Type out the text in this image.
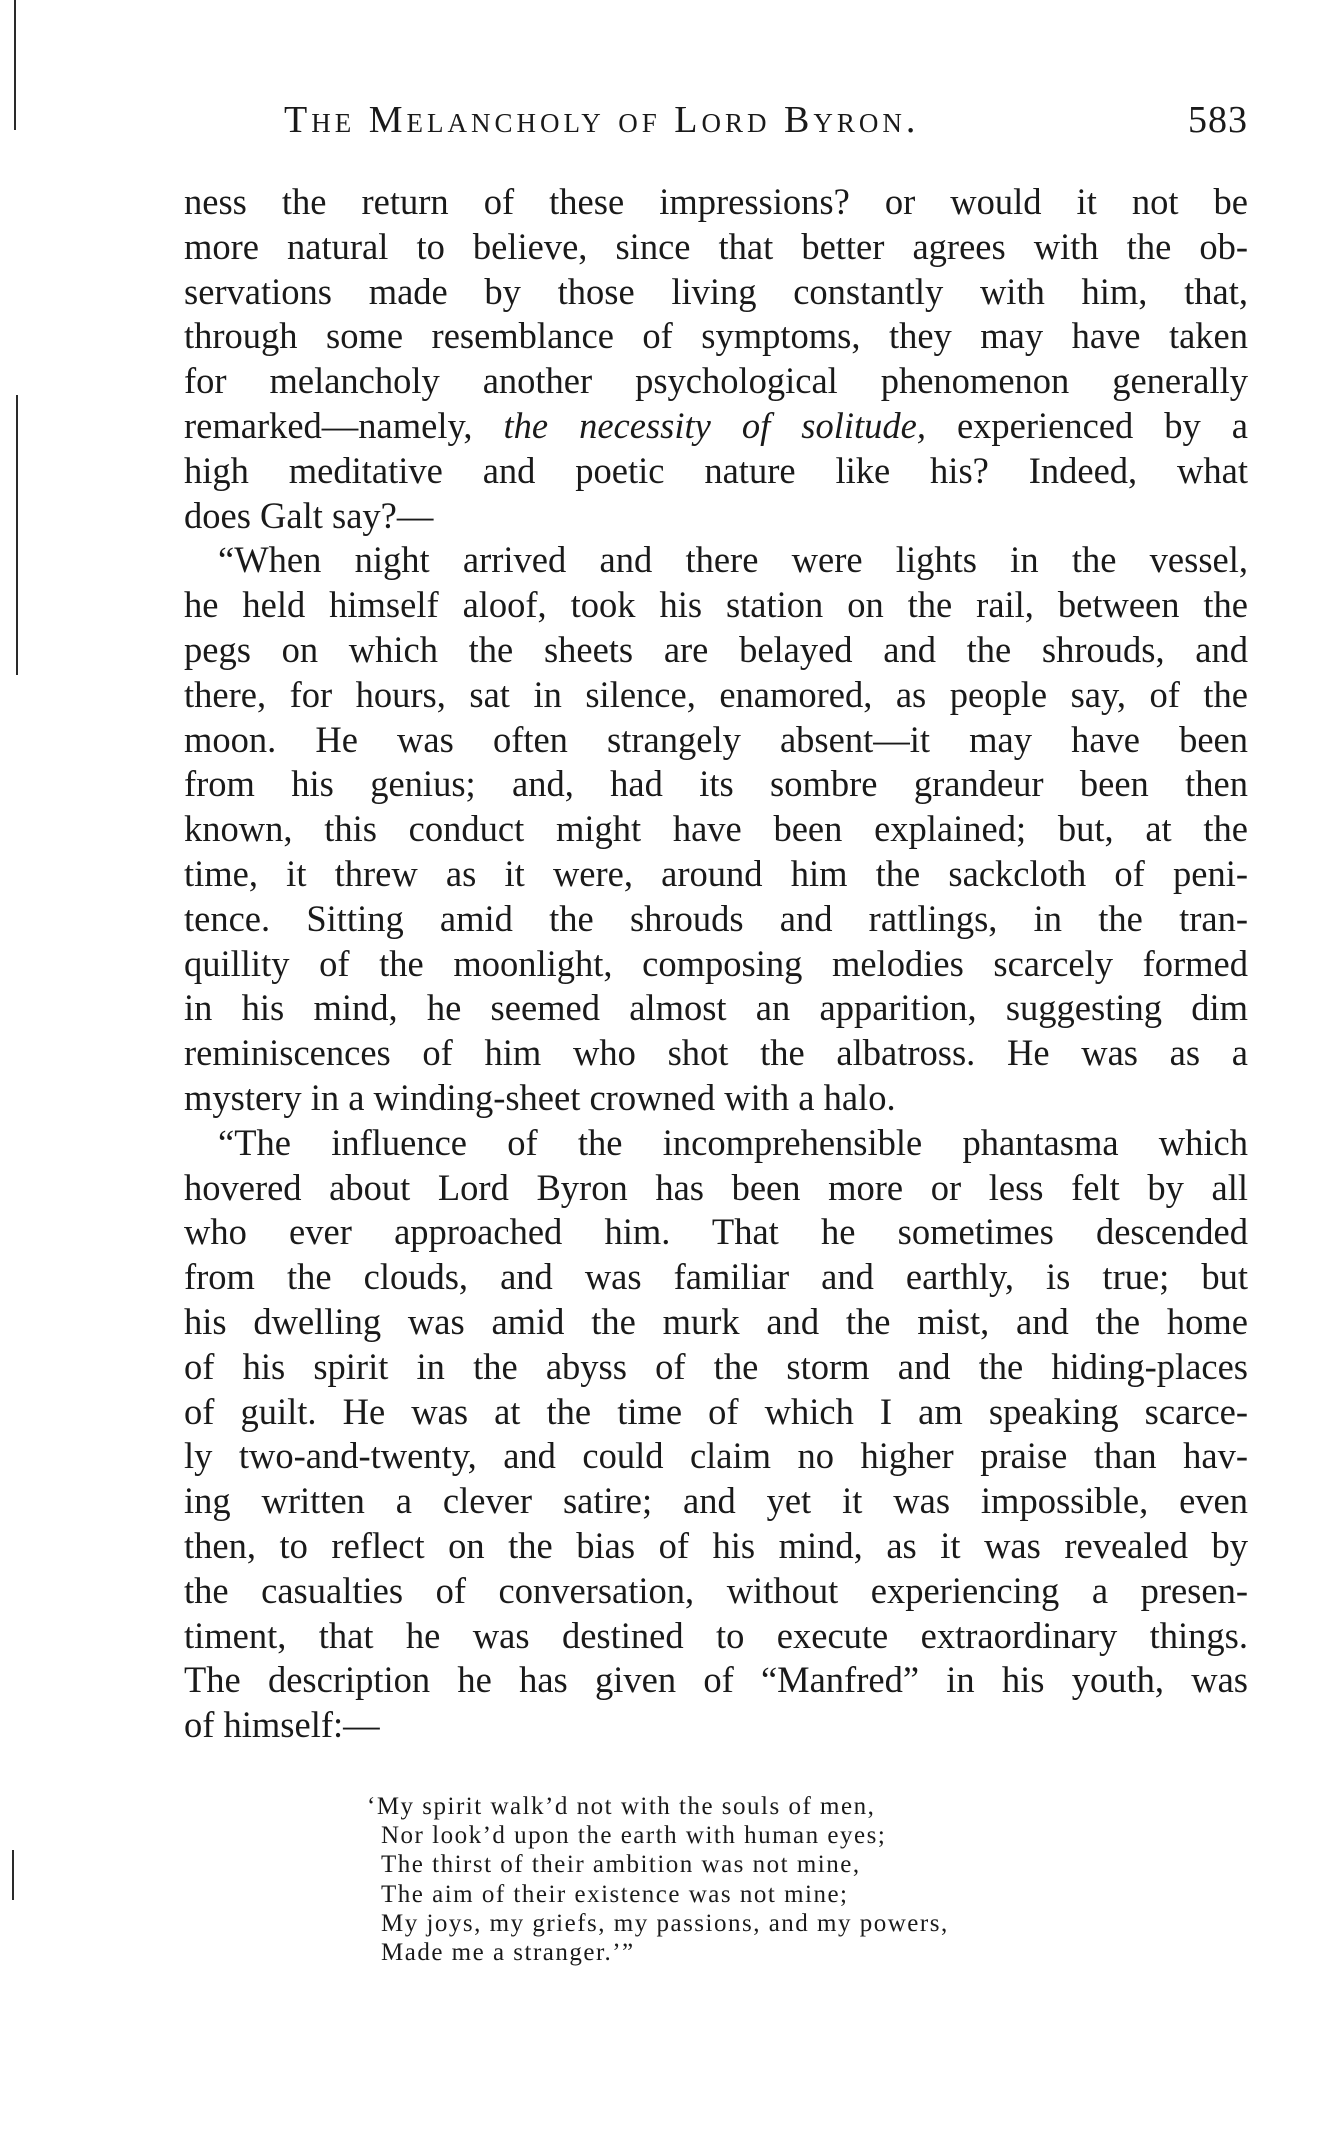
The Melancholy of Lord Byron.	583
ness the return of these impressions? or would it not be
more natural to believe, since that better agrees with the ob-
servations made by those living constantly with him, that,
through some resemblance of symptoms, they may have taken
for melancholy another psychological phenomenon generally
remarked—namely, the necessity of solitude, experienced by a
high meditative and poetic nature like his? Indeed, what
does Galt say?—
“When night arrived and there were lights in the vessel,
he held himself aloof, took his station on the rail, between the
pegs on which the sheets are belayed and the shrouds, and
there, for hours, sat in silence, enamored, as people say, of the
moon. He was often strangely absent—it may have been
from his genius; and, had its sombre grandeur been then
known, this conduct might have been explained; but, at the
time, it threw as it were, around him the sackcloth of peni-
tence. Sitting amid the shrouds and rattlings, in the tran-
quillity of the moonlight, composing melodies scarcely formed
in his mind, he seemed almost an apparition, suggesting dim
reminiscences of him who shot the albatross. He was as a
mystery in a winding-sheet crowned with a halo.
“The influence of the incomprehensible phantasma which
hovered about Lord Byron has been more or less felt by all
who ever approached him. That he sometimes descended
from the clouds, and was familiar and earthly, is true; but
his dwelling was amid the murk and the mist, and the home
of his spirit in the abyss of the storm and the hiding-places
of guilt. He was at the time of which I am speaking scarce-
ly two-and-twenty, and could claim no higher praise than hav-
ing written a clever satire; and yet it was impossible, even
then, to reflect on the bias of his mind, as it was revealed by
the casualties of conversation, without experiencing a presen-
timent, that he was destined to execute extraordinary things.
The description he has given of “Manfred” in his youth, was
of himself:—
‘My spirit walk’d not with the souls of men,
Nor look’d upon the earth with human eyes;
The thirst of their ambition was not mine,
The aim of their existence was not mine;
My joys, my griefs, my passions, and my powers,
Made me a stranger.’”
